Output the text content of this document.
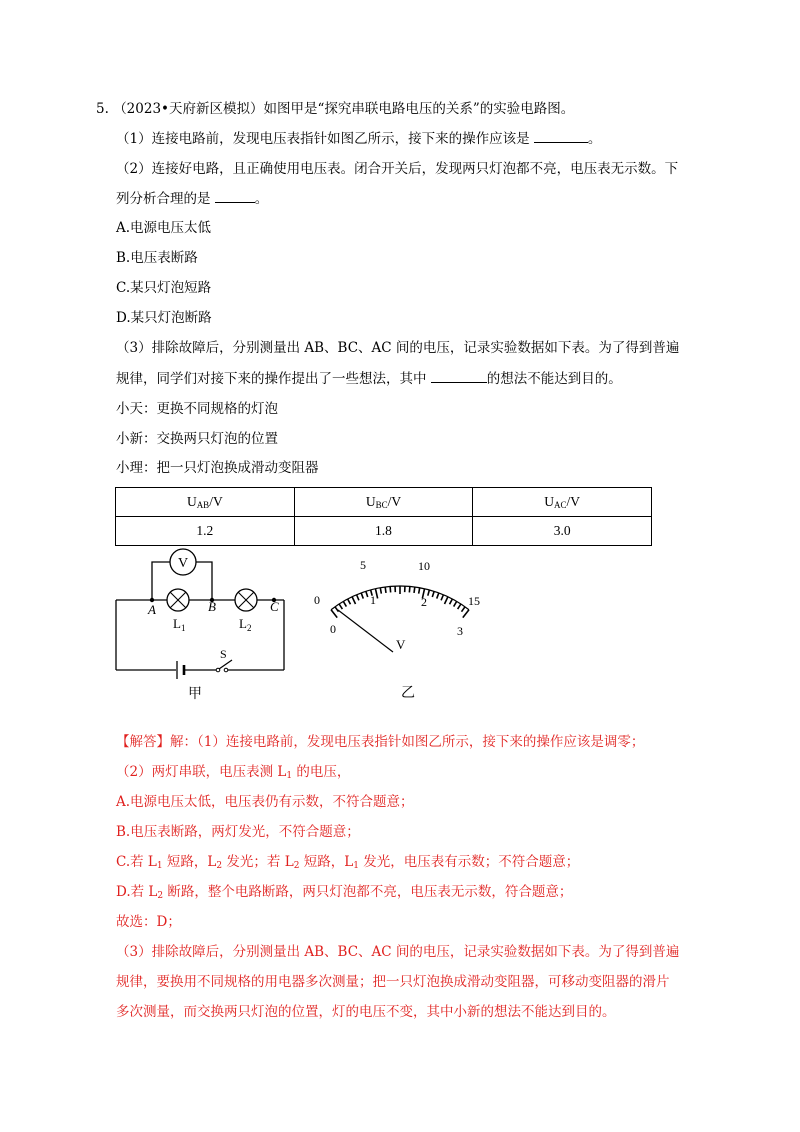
5. （2023•天府新区模拟）如图甲是“探究串联电路电压的关系”的实验电路图。
（1）连接电路前，发现电压表指针如图乙所示，接下来的操作应该是	。
（2）连接好电路，且正确使用电压表。闭合开关后，发现两只灯泡都不亮，电压表无示数。下
列分析合理的是	。
A.电源电压太低
B.电压表断路
C.某只灯泡短路
D.某只灯泡断路
（3）排除故障后，分别测量出 AB、BC、AC 间的电压，记录实验数据如下表。为了得到普遍
规律，同学们对接下来的操作提出了一些想法，其中	的想法不能达到目的。
小天：更换不同规格的灯泡
小新：交换两只灯泡的位置
小理：把一只灯泡换成滑动变阻器
$U_{AB}/V$	$U_{BC}/V$	$U_{AC}/V$
1.2	1.8	3.0
V
A	B	C
$L_1$	$L_2$
S
甲
0
5	10
15
0
1	2
3
V
乙
【解答】解：（1）连接电路前，发现电压表指针如图乙所示，接下来的操作应该是调零；
（2）两灯串联，电压表测 $L_1$ 的电压，
A.电源电压太低，电压表仍有示数，不符合题意；
B.电压表断路，两灯发光，不符合题意；
C.若 $L_1$ 短路，$L_2$ 发光；若 $L_2$ 短路，$L_1$ 发光，电压表有示数；不符合题意；
D.若 $L_2$ 断路，整个电路断路，两只灯泡都不亮，电压表无示数，符合题意；
故选：D；
（3）排除故障后，分别测量出 AB、BC、AC 间的电压，记录实验数据如下表。为了得到普遍
规律，要换用不同规格的用电器多次测量；把一只灯泡换成滑动变阻器，可移动变阻器的滑片
多次测量，而交换两只灯泡的位置，灯的电压不变，其中小新的想法不能达到目的。
